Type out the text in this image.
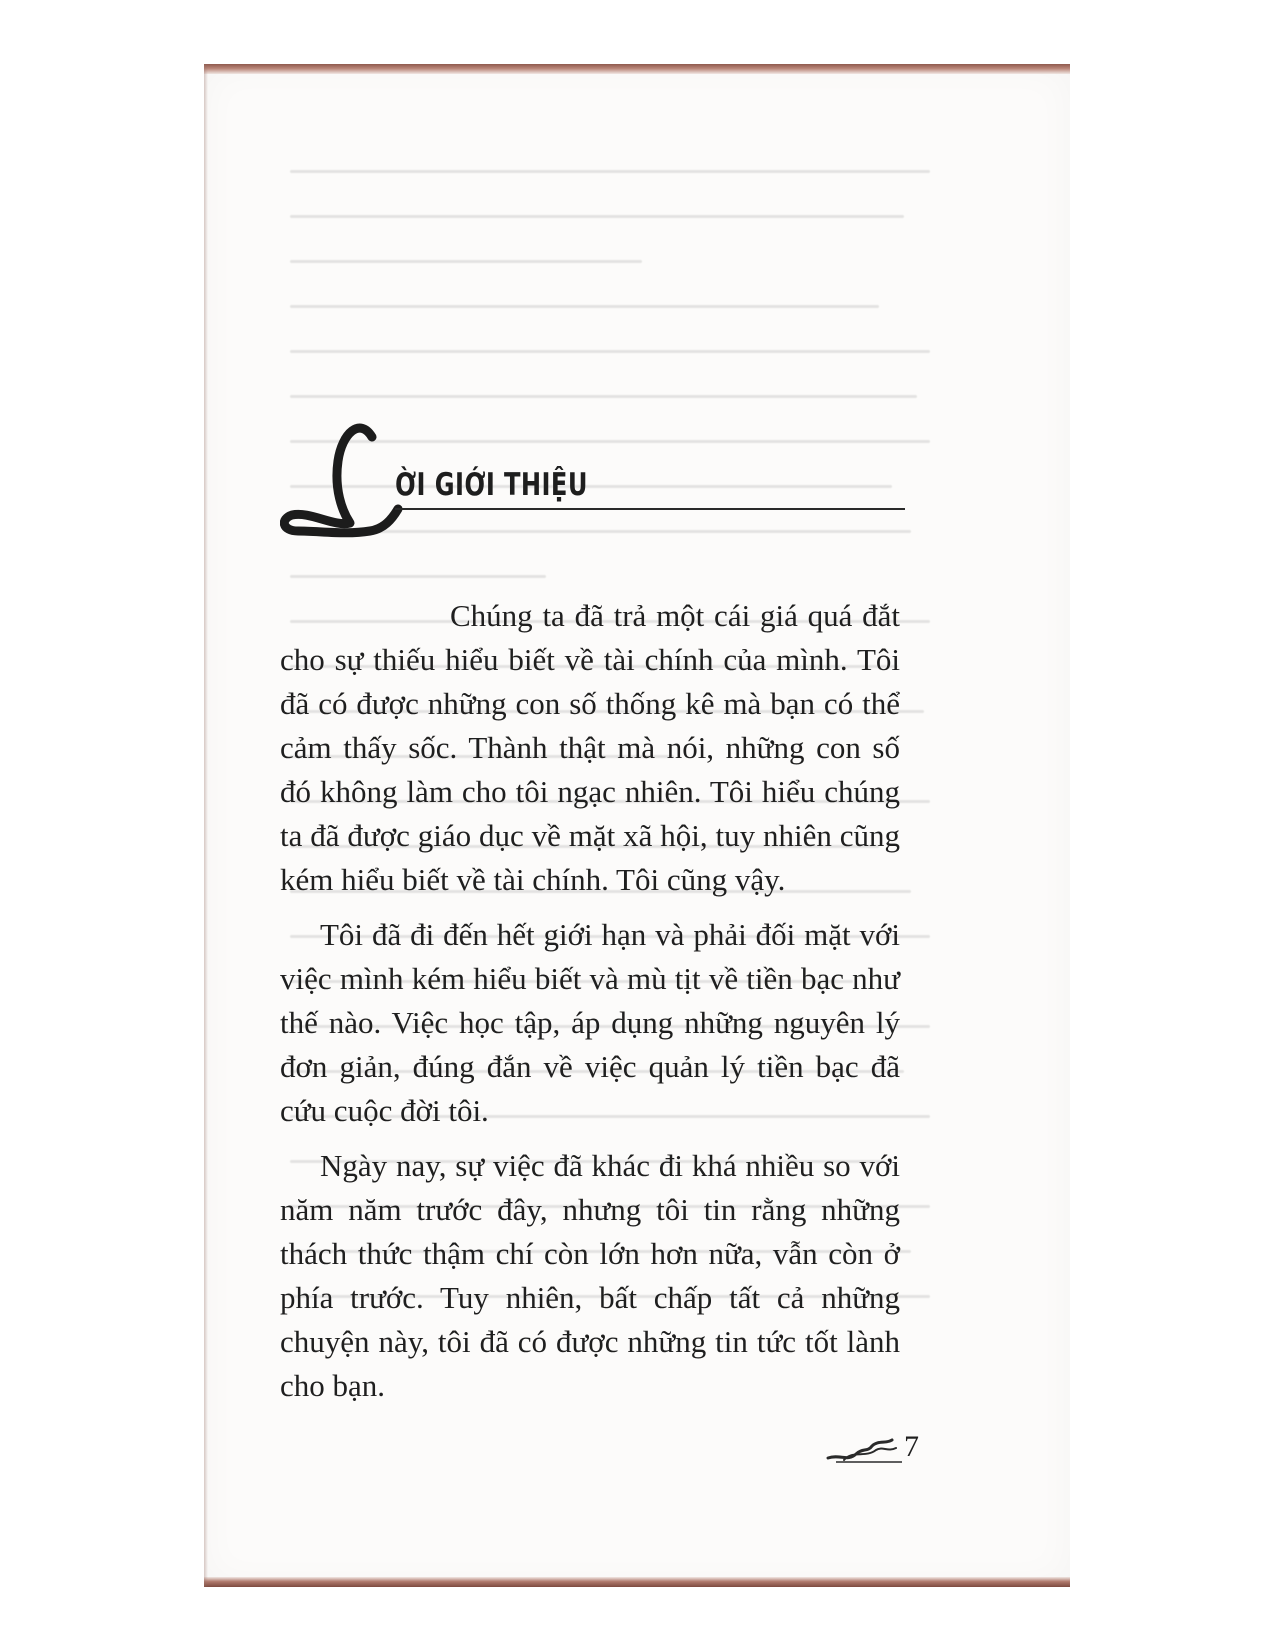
ỜI GIỚI THIỆU

Chúng ta đã trả một cái giá quá đắt cho sự thiếu hiểu biết về tài chính của mình. Tôi đã có được những con số thống kê mà bạn có thể cảm thấy sốc. Thành thật mà nói, những con số đó không làm cho tôi ngạc nhiên. Tôi hiểu chúng ta đã được giáo dục về mặt xã hội, tuy nhiên cũng kém hiểu biết về tài chính. Tôi cũng vậy.

Tôi đã đi đến hết giới hạn và phải đối mặt với việc mình kém hiểu biết và mù tịt về tiền bạc như thế nào. Việc học tập, áp dụng những nguyên lý đơn giản, đúng đắn về việc quản lý tiền bạc đã cứu cuộc đời tôi.

Ngày nay, sự việc đã khác đi khá nhiều so với năm năm trước đây, nhưng tôi tin rằng những thách thức thậm chí còn lớn hơn nữa, vẫn còn ở phía trước. Tuy nhiên, bất chấp tất cả những chuyện này, tôi đã có được những tin tức tốt lành cho bạn.

7
